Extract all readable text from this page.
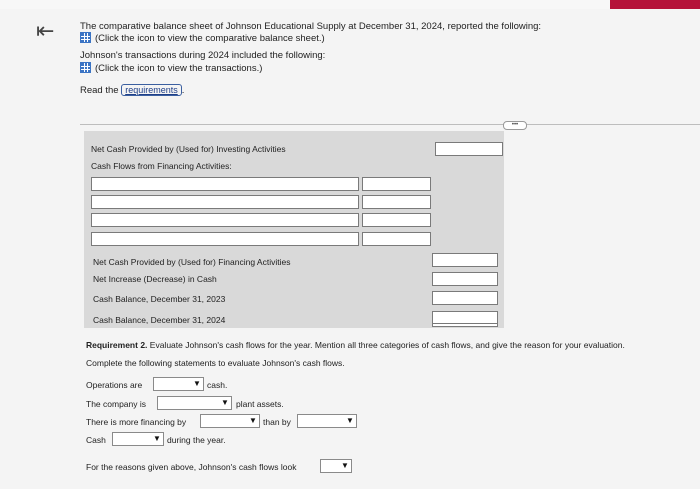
⇤	The comparative balance sheet of Johnson Educational Supply at December 31, 2024, reported the following:
(Click the icon to view the comparative balance sheet.)
Johnson's transactions during 2024 included the following:
(Click the icon to view the transactions.)
Read the requirements .
•••
Net Cash Provided by (Used for) Investing Activities
Cash Flows from Financing Activities:
Net Cash Provided by (Used for) Financing Activities
Net Increase (Decrease) in Cash
Cash Balance, December 31, 2023
Cash Balance, December 31, 2024
Requirement 2. Evaluate Johnson's cash flows for the year. Mention all three categories of cash flows, and give the reason for your evaluation.
Complete the following statements to evaluate Johnson's cash flows.
Operations are	▼ cash.
The company is	▼ plant assets.
There is more financing by	▼ than by	▼
Cash	▼ during the year.
For the reasons given above, Johnson's cash flows look	▼
